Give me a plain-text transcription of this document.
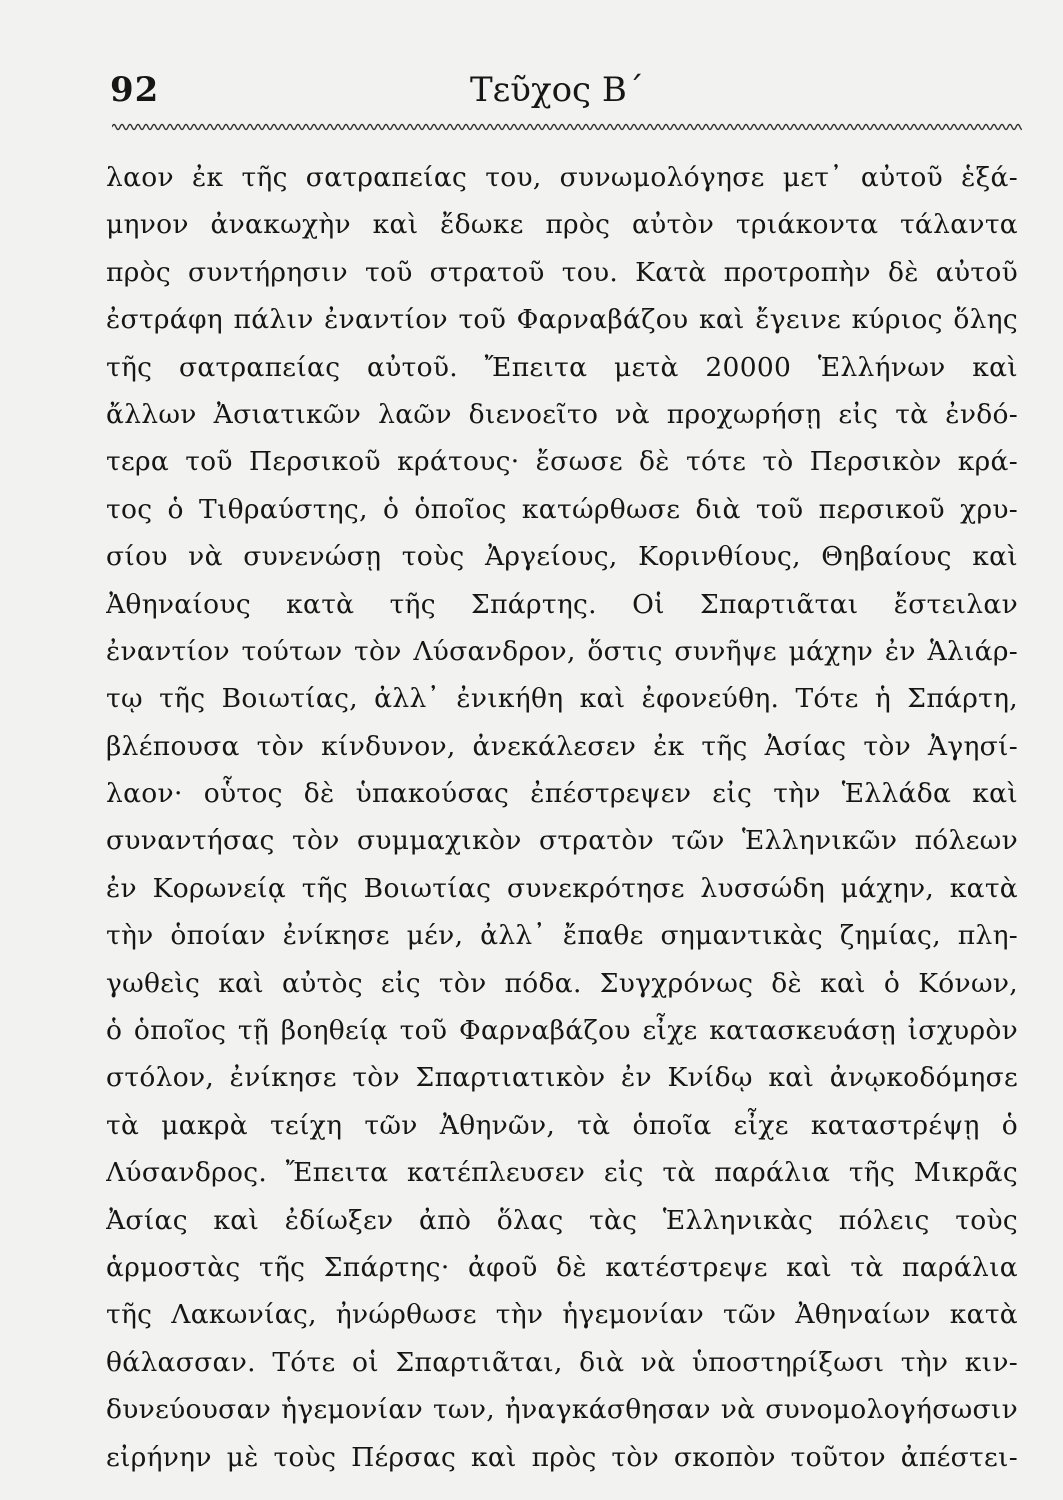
92	Τεῦχος Β΄
λαον ἐκ τῆς σατραπείας του, συνωμολόγησε μετ᾽ αὐτοῦ ἑξά-
μηνον ἀνακωχὴν καὶ ἔδωκε πρὸς αὐτὸν τριάκοντα τάλαντα
πρὸς συντήρησιν τοῦ στρατοῦ του. Κατὰ προτροπὴν δὲ αὐτοῦ
ἐστράφη πάλιν ἐναντίον τοῦ Φαρναβάζου καὶ ἔγεινε κύριος ὅλης
τῆς σατραπείας αὐτοῦ. Ἔπειτα μετὰ 20000 Ἑλλήνων καὶ
ἄλλων Ἀσιατικῶν λαῶν διενοεῖτο νὰ προχωρήσῃ εἰς τὰ ἐνδό-
τερα τοῦ Περσικοῦ κράτους· ἔσωσε δὲ τότε τὸ Περσικὸν κρά-
τος ὁ Τιθραύστης, ὁ ὁποῖος κατώρθωσε διὰ τοῦ περσικοῦ χρυ-
σίου νὰ συνενώσῃ τοὺς Ἀργείους, Κορινθίους, Θηβαίους καὶ
Ἀθηναίους κατὰ τῆς Σπάρτης. Οἱ Σπαρτιᾶται ἔστειλαν
ἐναντίον τούτων τὸν Λύσανδρον, ὅστις συνῆψε μάχην ἐν Ἁλιάρ-
τῳ τῆς Βοιωτίας, ἀλλ᾽ ἐνικήθη καὶ ἐφονεύθη. Τότε ἡ Σπάρτη,
βλέπουσα τὸν κίνδυνον, ἀνεκάλεσεν ἐκ τῆς Ἀσίας τὸν Ἀγησί-
λαον· οὗτος δὲ ὑπακούσας ἐπέστρεψεν εἰς τὴν Ἑλλάδα καὶ
συναντήσας τὸν συμμαχικὸν στρατὸν τῶν Ἑλληνικῶν πόλεων
ἐν Κορωνείᾳ τῆς Βοιωτίας συνεκρότησε λυσσώδη μάχην, κατὰ
τὴν ὁποίαν ἐνίκησε μέν, ἀλλ᾽ ἔπαθε σημαντικὰς ζημίας, πλη-
γωθεὶς καὶ αὐτὸς εἰς τὸν πόδα. Συγχρόνως δὲ καὶ ὁ Κόνων,
ὁ ὁποῖος τῇ βοηθείᾳ τοῦ Φαρναβάζου εἶχε κατασκευάσῃ ἰσχυρὸν
στόλον, ἐνίκησε τὸν Σπαρτιατικὸν ἐν Κνίδῳ καὶ ἀνῳκοδόμησε
τὰ μακρὰ τείχη τῶν Ἀθηνῶν, τὰ ὁποῖα εἶχε καταστρέψῃ ὁ
Λύσανδρος. Ἔπειτα κατέπλευσεν εἰς τὰ παράλια τῆς Μικρᾶς
Ἀσίας καὶ ἐδίωξεν ἀπὸ ὅλας τὰς Ἑλληνικὰς πόλεις τοὺς
ἁρμοστὰς τῆς Σπάρτης· ἀφοῦ δὲ κατέστρεψε καὶ τὰ παράλια
τῆς Λακωνίας, ἠνώρθωσε τὴν ἡγεμονίαν τῶν Ἀθηναίων κατὰ
θάλασσαν. Τότε οἱ Σπαρτιᾶται, διὰ νὰ ὑποστηρίξωσι τὴν κιν-
δυνεύουσαν ἡγεμονίαν των, ἠναγκάσθησαν νὰ συνομολογήσωσιν
εἰρήνην μὲ τοὺς Πέρσας καὶ πρὸς τὸν σκοπὸν τοῦτον ἀπέστει-
